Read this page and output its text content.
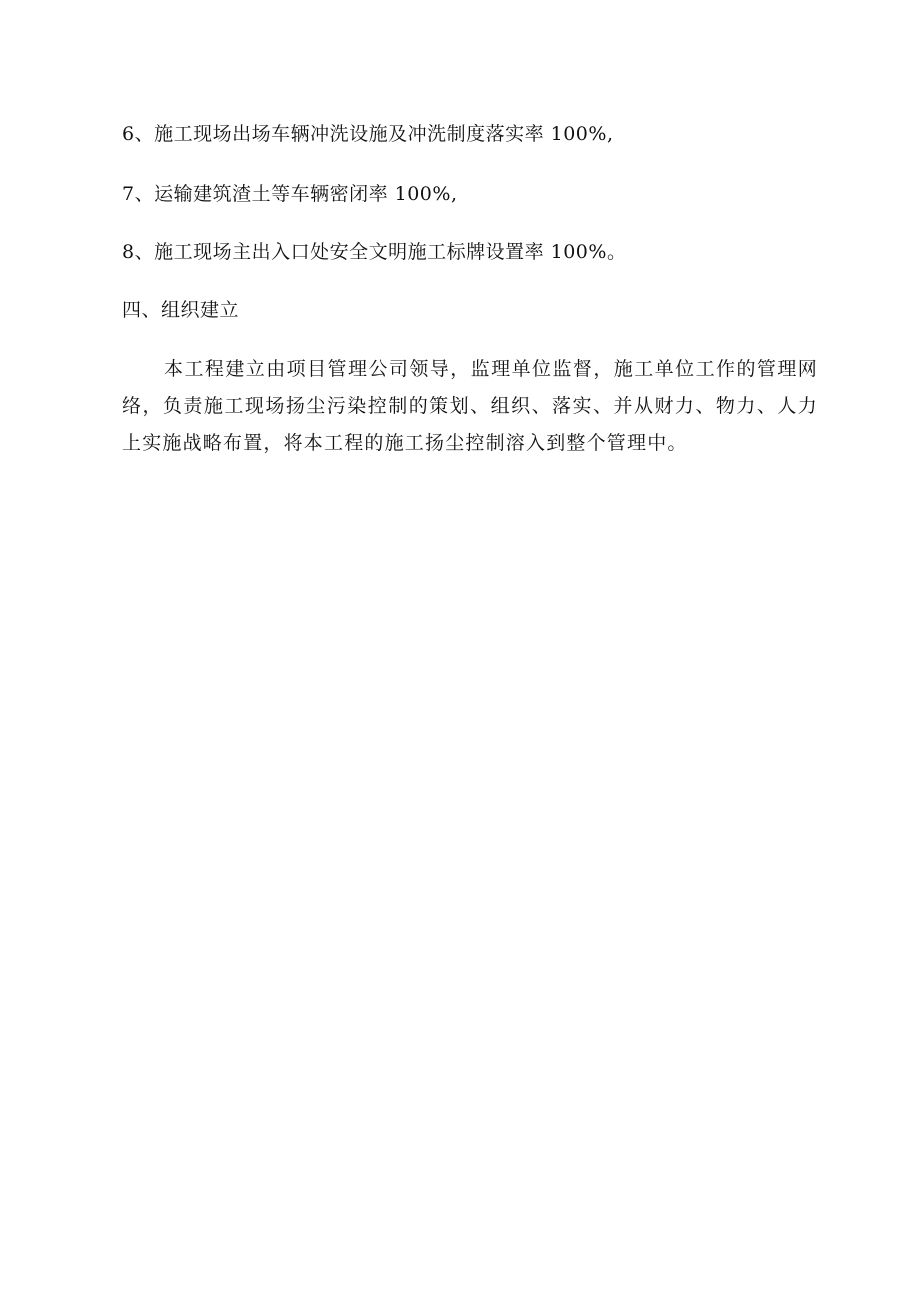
6、施工现场出场车辆冲洗设施及冲洗制度落实率 100%,
7、运输建筑渣土等车辆密闭率 100%,
8、施工现场主出入口处安全文明施工标牌设置率 100%。
四、组织建立
本工程建立由项目管理公司领导，监理单位监督，施工单位工作的管理网络，负责施工现场扬尘污染控制的策划、组织、落实、并从财力、物力、人力上实施战略布置，将本工程的施工扬尘控制溶入到整个管理中。
